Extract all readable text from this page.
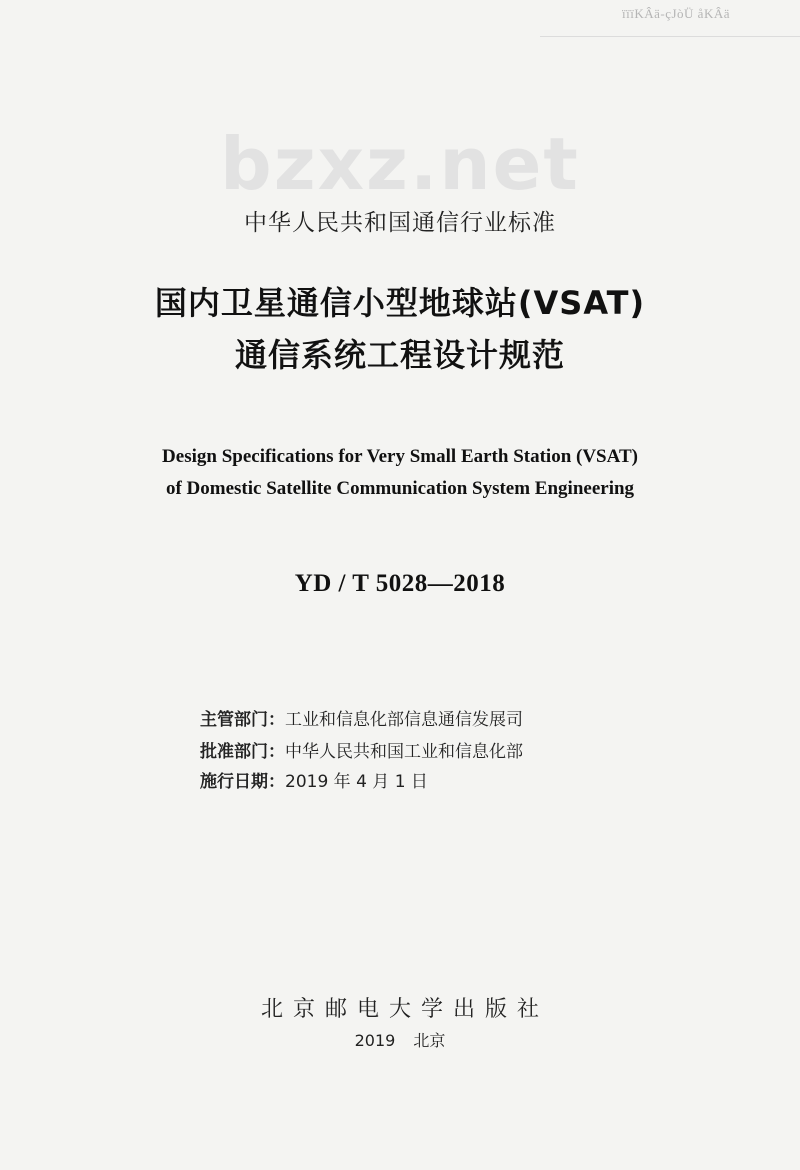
ïïïKÂä-çJòÜ åKÂä
bzxz.net
中华人民共和国通信行业标准
国内卫星通信小型地球站(VSAT)
通信系统工程设计规范
Design Specifications for Very Small Earth Station (VSAT)
of Domestic Satellite Communication System Engineering
YD / T 5028—2018
主管部门：工业和信息化部信息通信发展司
批准部门：中华人民共和国工业和信息化部
施行日期：2019 年 4 月 1 日
北京邮电大学出版社
2019 北京
